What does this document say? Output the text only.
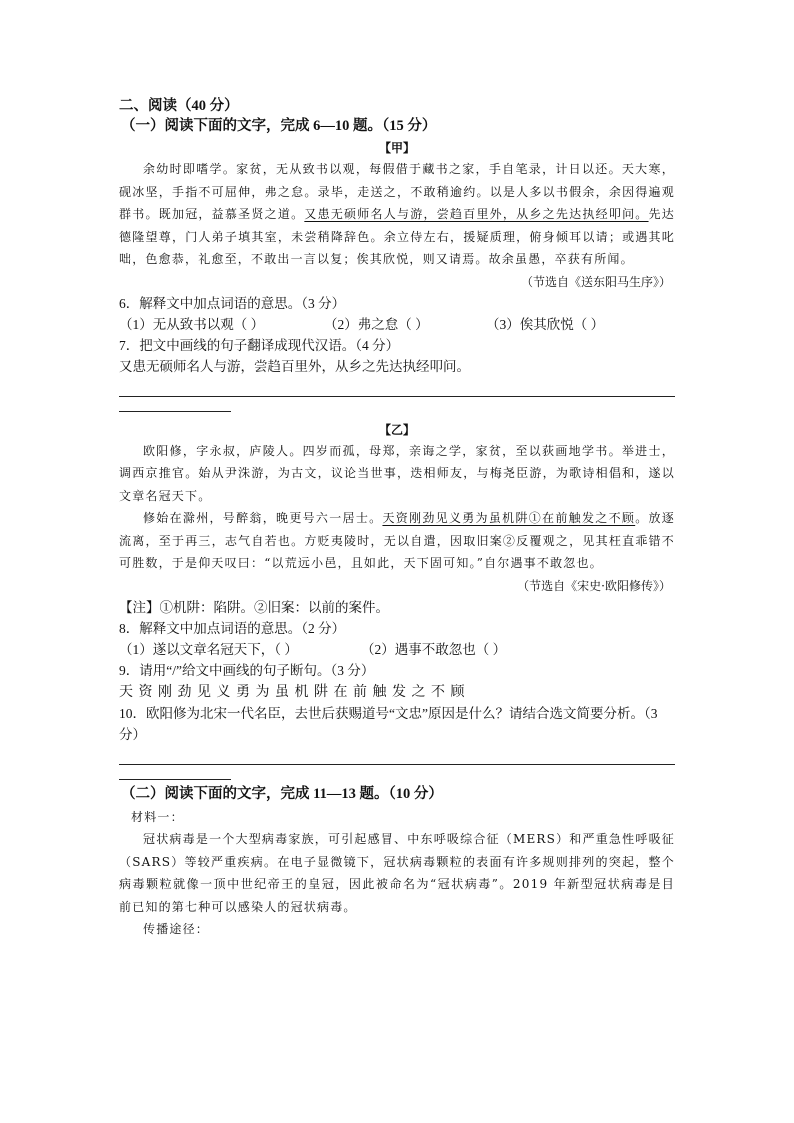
二、阅读（40 分）
（一）阅读下面的文字，完成 6—10 题。（15 分）
【甲】

余幼时即嗜学。家贫，无从致书以观，每假借于藏书之家，手自笔录，计日以还。天大寒，砚冰坚，手指不可屈伸，弗之怠。录毕，走送之，不敢稍逾约。以是人多以书假余，余因得遍观群书。既加冠，益慕圣贤之道。又患无硕师名人与游，尝趋百里外，从乡之先达执经叩问。先达德隆望尊，门人弟子填其室，未尝稍降辞色。余立侍左右，援疑质理，俯身倾耳以请；或遇其叱咄，色愈恭，礼愈至，不敢出一言以复；俟其欣悦，则又请焉。故余虽愚，卒获有所闻。

（节选自《送东阳马生序》）

6．解释文中加点词语的意思。（3 分）

（1）无从致书以观（ ）	（2）弗之怠（ ）	（3）俟其欣悦（ ）

7．把文中画线的句子翻译成现代汉语。（4 分）

又患无硕师名人与游，尝趋百里外，从乡之先达执经叩问。

【乙】

欧阳修，字永叔，庐陵人。四岁而孤，母郑，亲诲之学，家贫，至以荻画地学书。举进士，调西京推官。始从尹洙游，为古文，议论当世事，迭相师友，与梅尧臣游，为歌诗相倡和，遂以文章名冠天下。

修始在滁州，号醉翁，晚更号六一居士。天资刚劲见义勇为虽机阱①在前触发之不顾。放逐流离，至于再三，志气自若也。方贬夷陵时，无以自遣，因取旧案②反覆观之，见其枉直乖错不可胜数，于是仰天叹曰：“以荒远小邑，且如此，天下固可知。”自尔遇事不敢忽也。

（节选自《宋史·欧阳修传》）

【注】①机阱：陷阱。②旧案：以前的案件。

8．解释文中加点词语的意思。（2 分）

（1）遂以文章名冠天下，（ ）	（2）遇事不敢忽也（ ）

9．请用“/”给文中画线的句子断句。（3 分）

天资刚劲见义勇为虽机阱在前触发之不顾

10．欧阳修为北宋一代名臣，去世后获赐道号“文忠”原因是什么？请结合选文简要分析。（3 分）

（二）阅读下面的文字，完成 11—13 题。（10 分）

材料一：

冠状病毒是一个大型病毒家族，可引起感冒、中东呼吸综合征（MERS）和严重急性呼吸征（SARS）等较严重疾病。在电子显微镜下，冠状病毒颗粒的表面有许多规则排列的突起，整个病毒颗粒就像一顶中世纪帝王的皇冠，因此被命名为“冠状病毒”。2019 年新型冠状病毒是目前已知的第七种可以感染人的冠状病毒。

传播途径：
